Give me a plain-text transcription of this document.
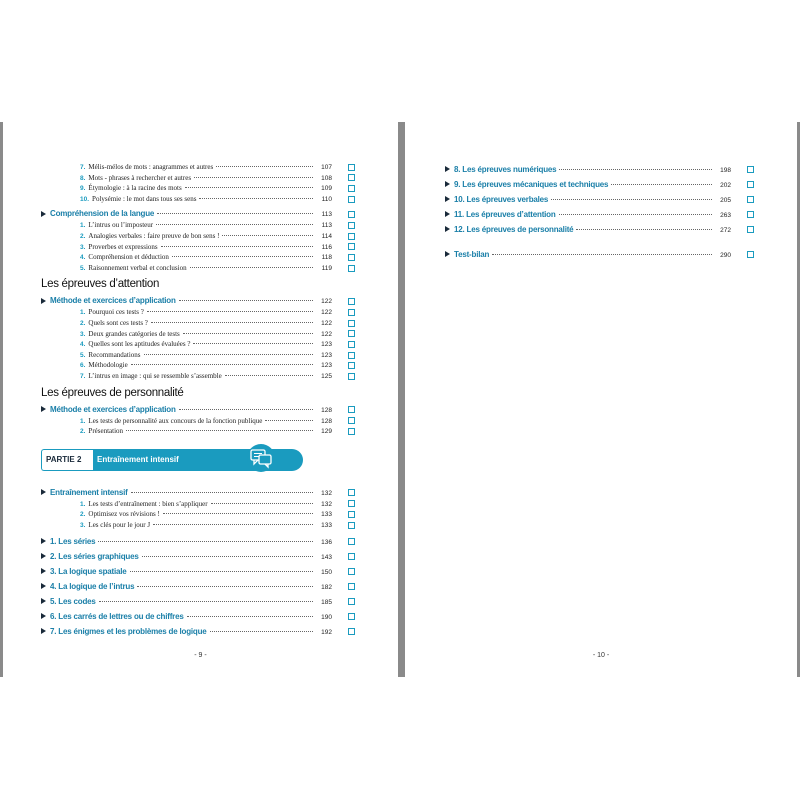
7. Mélis-mélos de mots : anagrammes et autres	107
8. Mots - phrases à rechercher et autres	108
9. Étymologie : à la racine des mots	109
10. Polysémie : le mot dans tous ses sens	110
Compréhension de la langue	113
1. L’intrus ou l’imposteur	113
2. Analogies verbales : faire preuve de bon sens !	114
3. Proverbes et expressions	116
4. Compréhension et déduction	118
5. Raisonnement verbal et conclusion	119
Les épreuves d’attention
Méthode et exercices d’application	122
1. Pourquoi ces tests ?	122
2. Quels sont ces tests ?	122
3. Deux grandes catégories de tests	122
4. Quelles sont les aptitudes évaluées ?	123
5. Recommandations	123
6. Méthodologie	123
7. L’intrus en image : qui se ressemble s’assemble	125
Les épreuves de personnalité
Méthode et exercices d’application	128
1. Les tests de personnalité aux concours de la fonction publique	128
2. Présentation	129
PARTIE 2	Entraînement intensif
Entraînement intensif	132
1. Les tests d’entraînement : bien s’appliquer	132
2. Optimisez vos révisions !	133
3. Les clés pour le jour J	133
1. Les séries	136
2. Les séries graphiques	143
3. La logique spatiale	150
4. La logique de l’intrus	182
5. Les codes	185
6. Les carrés de lettres ou de chiffres	190
7. Les énigmes et les problèmes de logique	192
- 9 -
8. Les épreuves numériques	198
9. Les épreuves mécaniques et techniques	202
10. Les épreuves verbales	205
11. Les épreuves d’attention	263
12. Les épreuves de personnalité	272
Test-bilan	290
- 10 -
